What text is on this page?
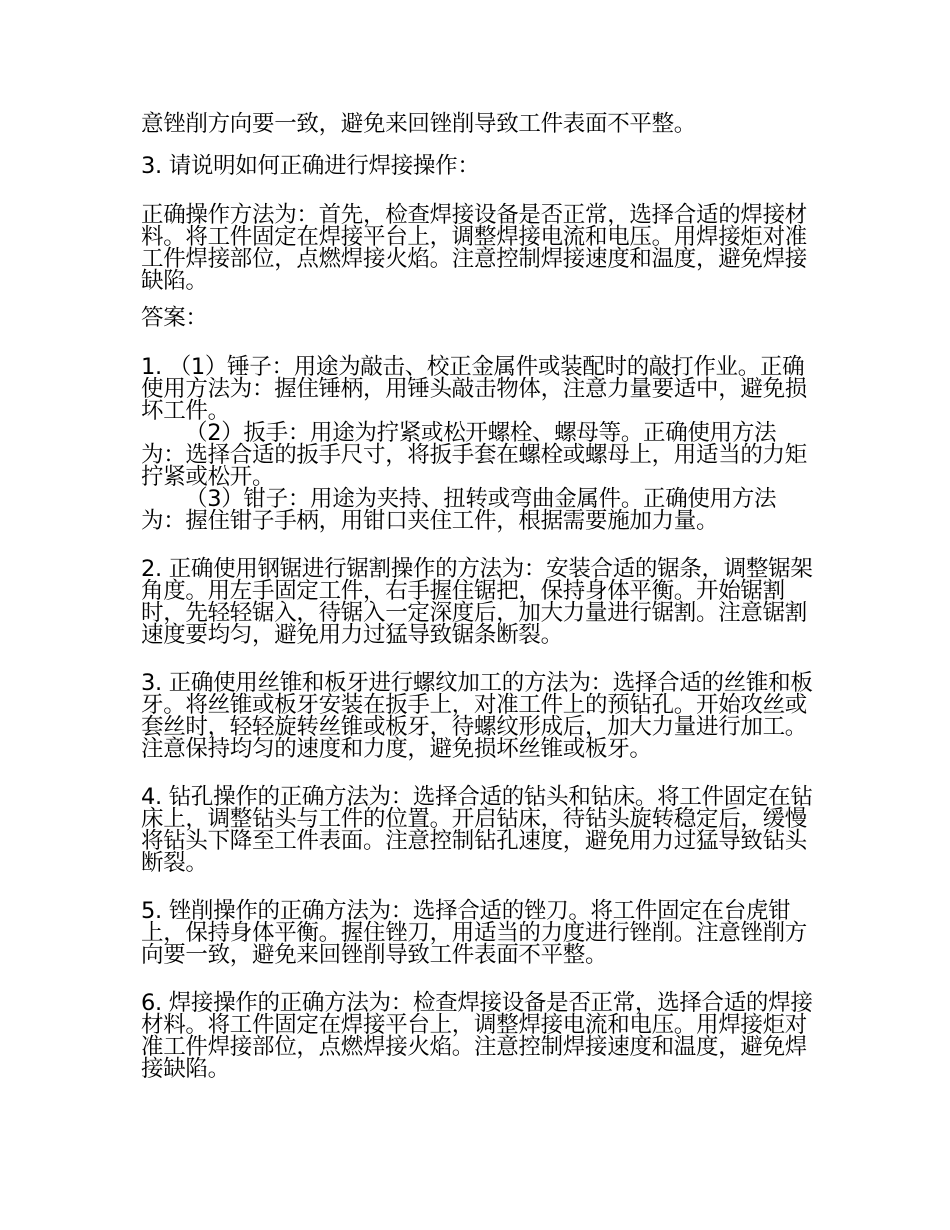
意锉削方向要一致，避免来回锉削导致工件表面不平整。

3. 请说明如何正确进行焊接操作：

正确操作方法为：首先，检查焊接设备是否正常，选择合适的焊接材料。将工件固定在焊接平台上，调整焊接电流和电压。用焊接炬对准工件焊接部位，点燃焊接火焰。注意控制焊接速度和温度，避免焊接缺陷。

答案：

1. （1）锤子：用途为敲击、校正金属件或装配时的敲打作业。正确使用方法为：握住锤柄，用锤头敲击物体，注意力量要适中，避免损坏工件。

（2）扳手：用途为拧紧或松开螺栓、螺母等。正确使用方法为：选择合适的扳手尺寸，将扳手套在螺栓或螺母上，用适当的力矩拧紧或松开。

（3）钳子：用途为夹持、扭转或弯曲金属件。正确使用方法为：握住钳子手柄，用钳口夹住工件，根据需要施加力量。

2. 正确使用钢锯进行锯割操作的方法为：安装合适的锯条，调整锯架角度。用左手固定工件，右手握住锯把，保持身体平衡。开始锯割时，先轻轻锯入，待锯入一定深度后，加大力量进行锯割。注意锯割速度要均匀，避免用力过猛导致锯条断裂。

3. 正确使用丝锥和板牙进行螺纹加工的方法为：选择合适的丝锥和板牙。将丝锥或板牙安装在扳手上，对准工件上的预钻孔。开始攻丝或套丝时，轻轻旋转丝锥或板牙，待螺纹形成后，加大力量进行加工。注意保持均匀的速度和力度，避免损坏丝锥或板牙。

4. 钻孔操作的正确方法为：选择合适的钻头和钻床。将工件固定在钻床上，调整钻头与工件的位置。开启钻床，待钻头旋转稳定后，缓慢将钻头下降至工件表面。注意控制钻孔速度，避免用力过猛导致钻头断裂。

5. 锉削操作的正确方法为：选择合适的锉刀。将工件固定在台虎钳上，保持身体平衡。握住锉刀，用适当的力度进行锉削。注意锉削方向要一致，避免来回锉削导致工件表面不平整。

6. 焊接操作的正确方法为：检查焊接设备是否正常，选择合适的焊接材料。将工件固定在焊接平台上，调整焊接电流和电压。用焊接炬对准工件焊接部位，点燃焊接火焰。注意控制焊接速度和温度，避免焊接缺陷。
